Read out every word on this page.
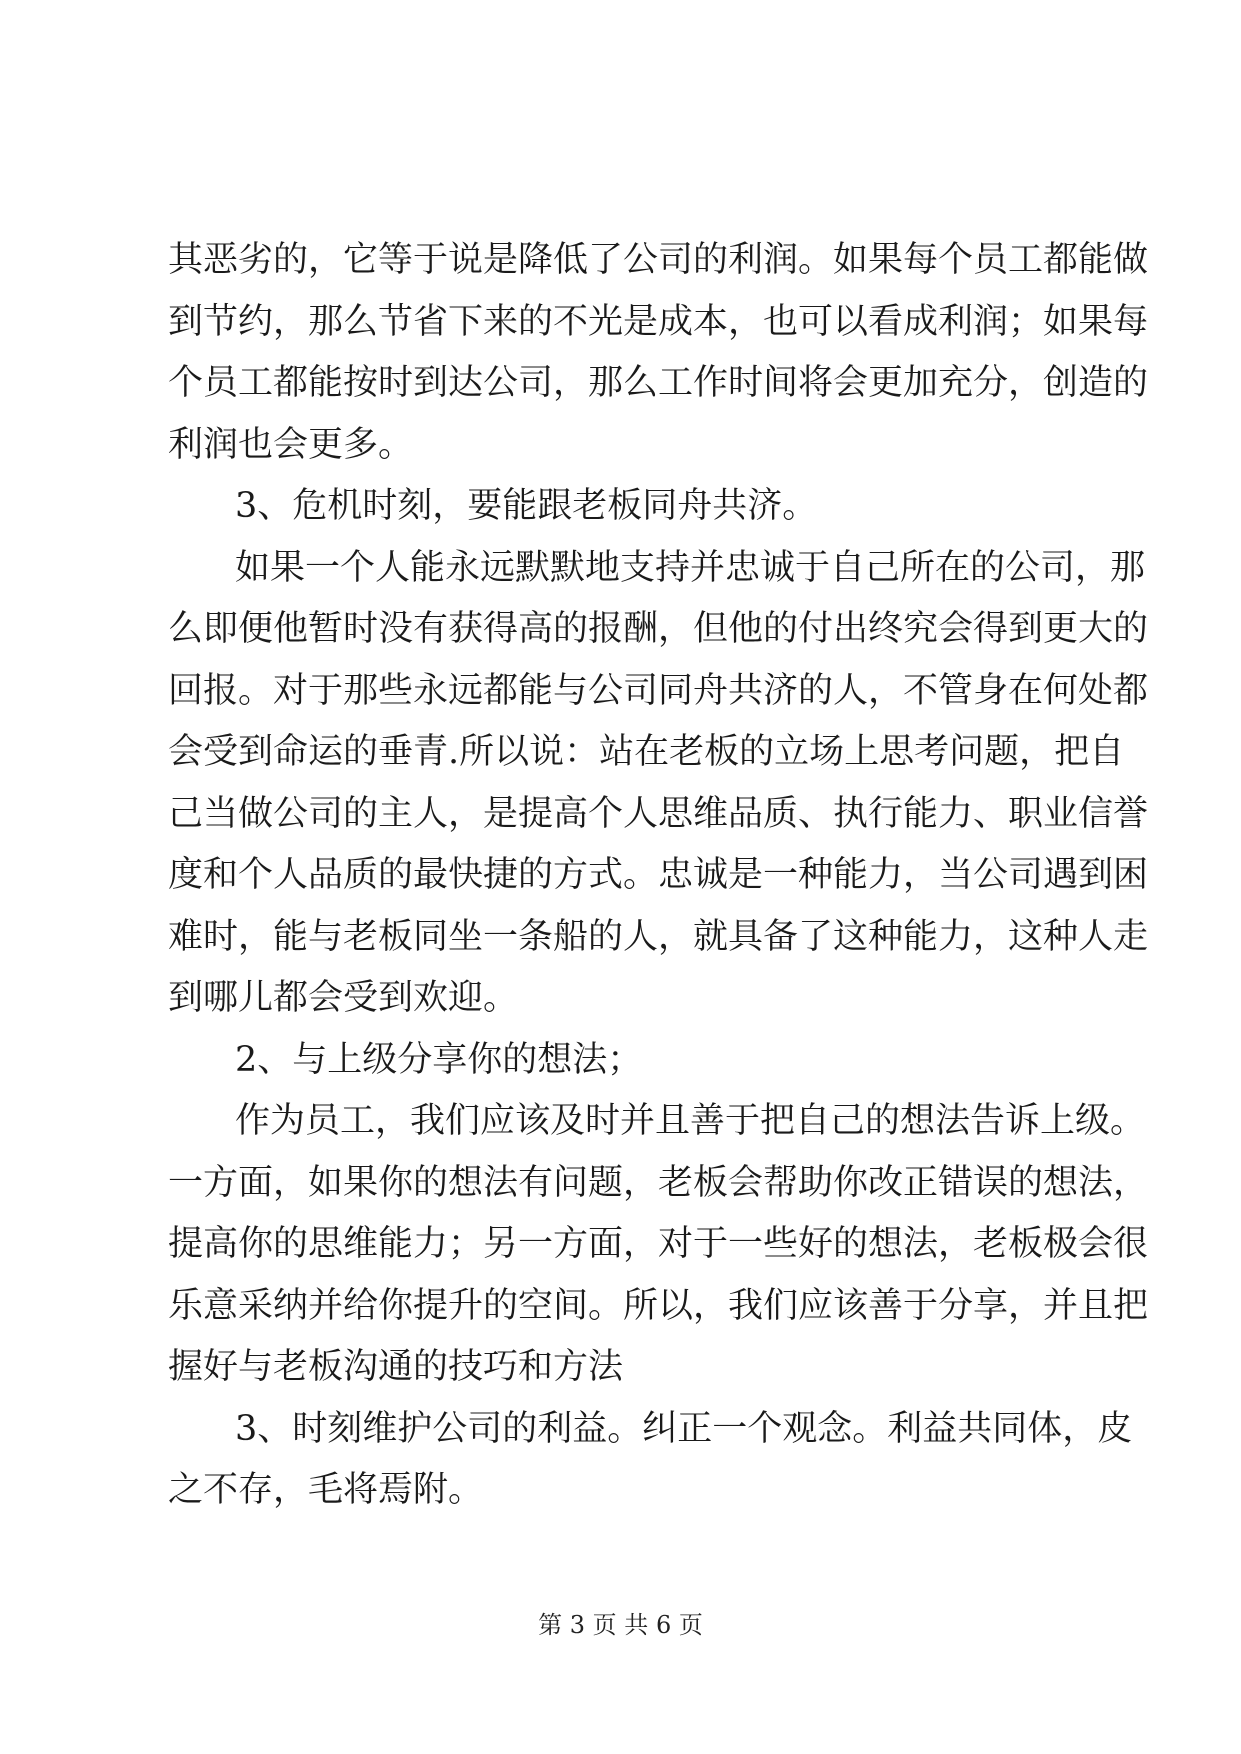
其恶劣的，它等于说是降低了公司的利润。如果每个员工都能做
到节约，那么节省下来的不光是成本，也可以看成利润；如果每
个员工都能按时到达公司，那么工作时间将会更加充分，创造的
利润也会更多。
3、危机时刻，要能跟老板同舟共济。
如果一个人能永远默默地支持并忠诚于自己所在的公司，那
么即便他暂时没有获得高的报酬，但他的付出终究会得到更大的
回报。对于那些永远都能与公司同舟共济的人，不管身在何处都
会受到命运的垂青.所以说：站在老板的立场上思考问题，把自
己当做公司的主人，是提高个人思维品质、执行能力、职业信誉
度和个人品质的最快捷的方式。忠诚是一种能力，当公司遇到困
难时，能与老板同坐一条船的人，就具备了这种能力，这种人走
到哪儿都会受到欢迎。
2、与上级分享你的想法；
作为员工，我们应该及时并且善于把自己的想法告诉上级。
一方面，如果你的想法有问题，老板会帮助你改正错误的想法，
提高你的思维能力；另一方面，对于一些好的想法，老板极会很
乐意采纳并给你提升的空间。所以，我们应该善于分享，并且把
握好与老板沟通的技巧和方法
3、时刻维护公司的利益。纠正一个观念。利益共同体，皮
之不存，毛将焉附。
第 3 页 共 6 页
